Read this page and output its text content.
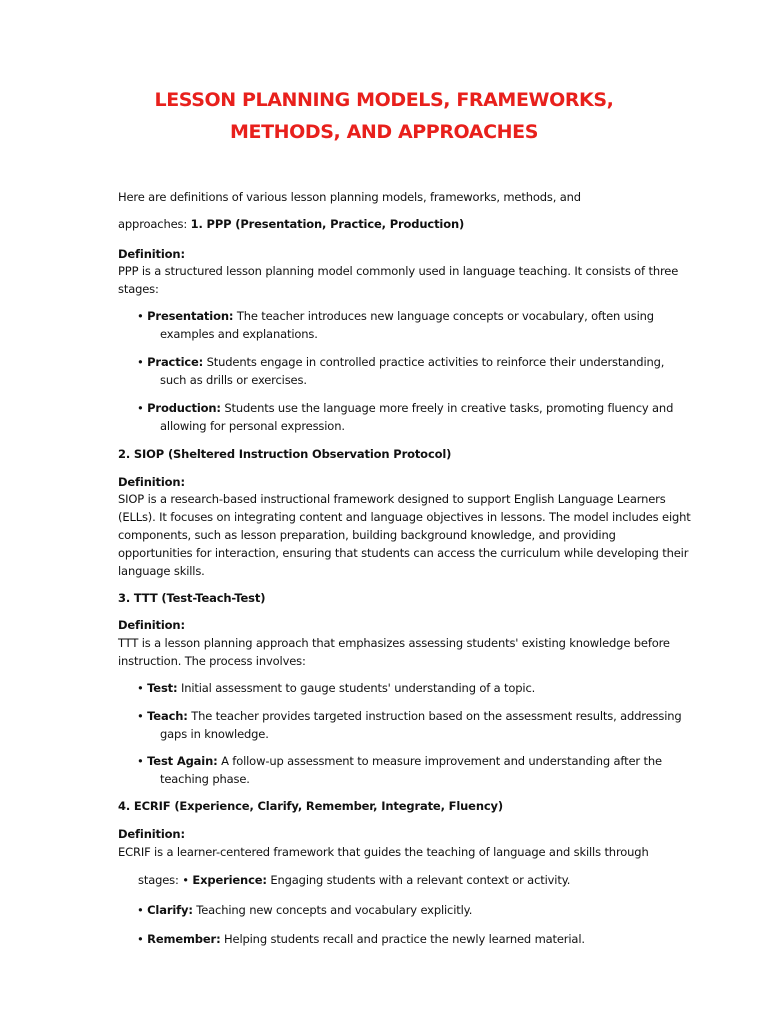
LESSON PLANNING MODELS, FRAMEWORKS,
METHODS, AND APPROACHES
Here are definitions of various lesson planning models, frameworks, methods, and
approaches: 1. PPP (Presentation, Practice, Production)
Definition:
PPP is a structured lesson planning model commonly used in language teaching. It consists of three
stages:
• Presentation: The teacher introduces new language concepts or vocabulary, often using
examples and explanations.
• Practice: Students engage in controlled practice activities to reinforce their understanding,
such as drills or exercises.
• Production: Students use the language more freely in creative tasks, promoting fluency and
allowing for personal expression.
2. SIOP (Sheltered Instruction Observation Protocol)
Definition:
SIOP is a research-based instructional framework designed to support English Language Learners
(ELLs). It focuses on integrating content and language objectives in lessons. The model includes eight
components, such as lesson preparation, building background knowledge, and providing
opportunities for interaction, ensuring that students can access the curriculum while developing their
language skills.
3. TTT (Test-Teach-Test)
Definition:
TTT is a lesson planning approach that emphasizes assessing students' existing knowledge before
instruction. The process involves:
• Test: Initial assessment to gauge students' understanding of a topic.
• Teach: The teacher provides targeted instruction based on the assessment results, addressing
gaps in knowledge.
• Test Again: A follow-up assessment to measure improvement and understanding after the
teaching phase.
4. ECRIF (Experience, Clarify, Remember, Integrate, Fluency)
Definition:
ECRIF is a learner-centered framework that guides the teaching of language and skills through
stages: • Experience: Engaging students with a relevant context or activity.
• Clarify: Teaching new concepts and vocabulary explicitly.
• Remember: Helping students recall and practice the newly learned material.
